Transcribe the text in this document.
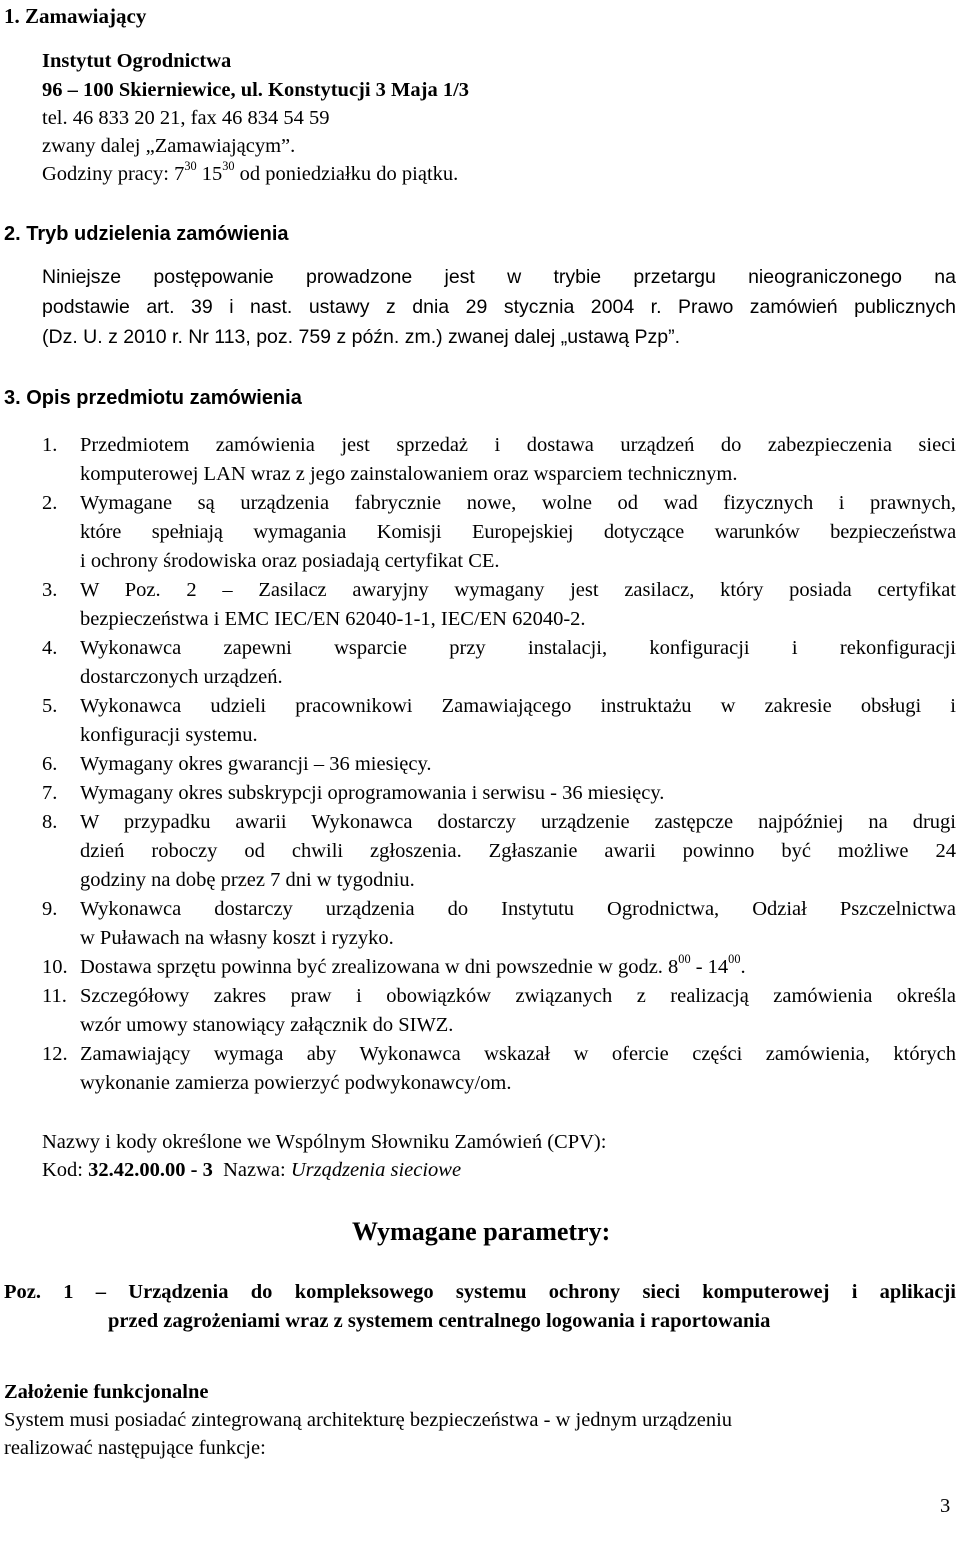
1. Zamawiający
Instytut Ogrodnictwa
96 – 100 Skierniewice, ul. Konstytucji 3 Maja 1/3
tel. 46 833 20 21, fax 46 834 54 59
zwany dalej „Zamawiającym”.
Godziny pracy: $7^{30}$ $15^{30}$ od poniedziałku do piątku.
2. Tryb udzielenia zamówienia
Niniejsze postępowanie prowadzone jest w trybie przetargu nieograniczonego na
podstawie art. 39 i nast. ustawy z dnia 29 stycznia 2004 r. Prawo zamówień publicznych
(Dz. U. z 2010 r. Nr 113, poz. 759 z późn. zm.) zwanej dalej „ustawą Pzp”.
3. Opis przedmiotu zamówienia
1. Przedmiotem zamówienia jest sprzedaż i dostawa urządzeń do zabezpieczenia sieci
komputerowej LAN wraz z jego zainstalowaniem oraz wsparciem technicznym.
2. Wymagane są urządzenia fabrycznie nowe, wolne od wad fizycznych i prawnych,
które spełniają wymagania Komisji Europejskiej dotyczące warunków bezpieczeństwa
i ochrony środowiska oraz posiadają certyfikat CE.
3. W Poz. 2 – Zasilacz awaryjny wymagany jest zasilacz, który posiada certyfikat
bezpieczeństwa i EMC IEC/EN 62040-1-1, IEC/EN 62040-2.
4. Wykonawca zapewni wsparcie przy instalacji, konfiguracji i rekonfiguracji
dostarczonych urządzeń.
5. Wykonawca udzieli pracownikowi Zamawiającego instruktażu w zakresie obsługi i
konfiguracji systemu.
6. Wymagany okres gwarancji – 36 miesięcy.
7. Wymagany okres subskrypcji oprogramowania i serwisu - 36 miesięcy.
8. W przypadku awarii Wykonawca dostarczy urządzenie zastępcze najpóźniej na drugi
dzień roboczy od chwili zgłoszenia. Zgłaszanie awarii powinno być możliwe 24
godziny na dobę przez 7 dni w tygodniu.
9. Wykonawca dostarczy urządzenia do Instytutu Ogrodnictwa, Odział Pszczelnictwa
w Puławach na własny koszt i ryzyko.
10. Dostawa sprzętu powinna być zrealizowana w dni powszednie w godz. $8^{00} - 14^{00}$.
11. Szczegółowy zakres praw i obowiązków związanych z realizacją zamówienia określa
wzór umowy stanowiący załącznik do SIWZ.
12. Zamawiający wymaga aby Wykonawca wskazał w ofercie części zamówienia, których
wykonanie zamierza powierzyć podwykonawcy/om.
Nazwy i kody określone we Wspólnym Słowniku Zamówień (CPV):
Kod: 32.42.00.00 - 3  Nazwa: Urządzenia sieciowe
Wymagane parametry:
Poz. 1 – Urządzenia do kompleksowego systemu ochrony sieci komputerowej i aplikacji
przed zagrożeniami wraz z systemem centralnego logowania i raportowania
Założenie funkcjonalne
System musi posiadać zintegrowaną architekturę bezpieczeństwa - w jednym urządzeniu
realizować następujące funkcje:
3
